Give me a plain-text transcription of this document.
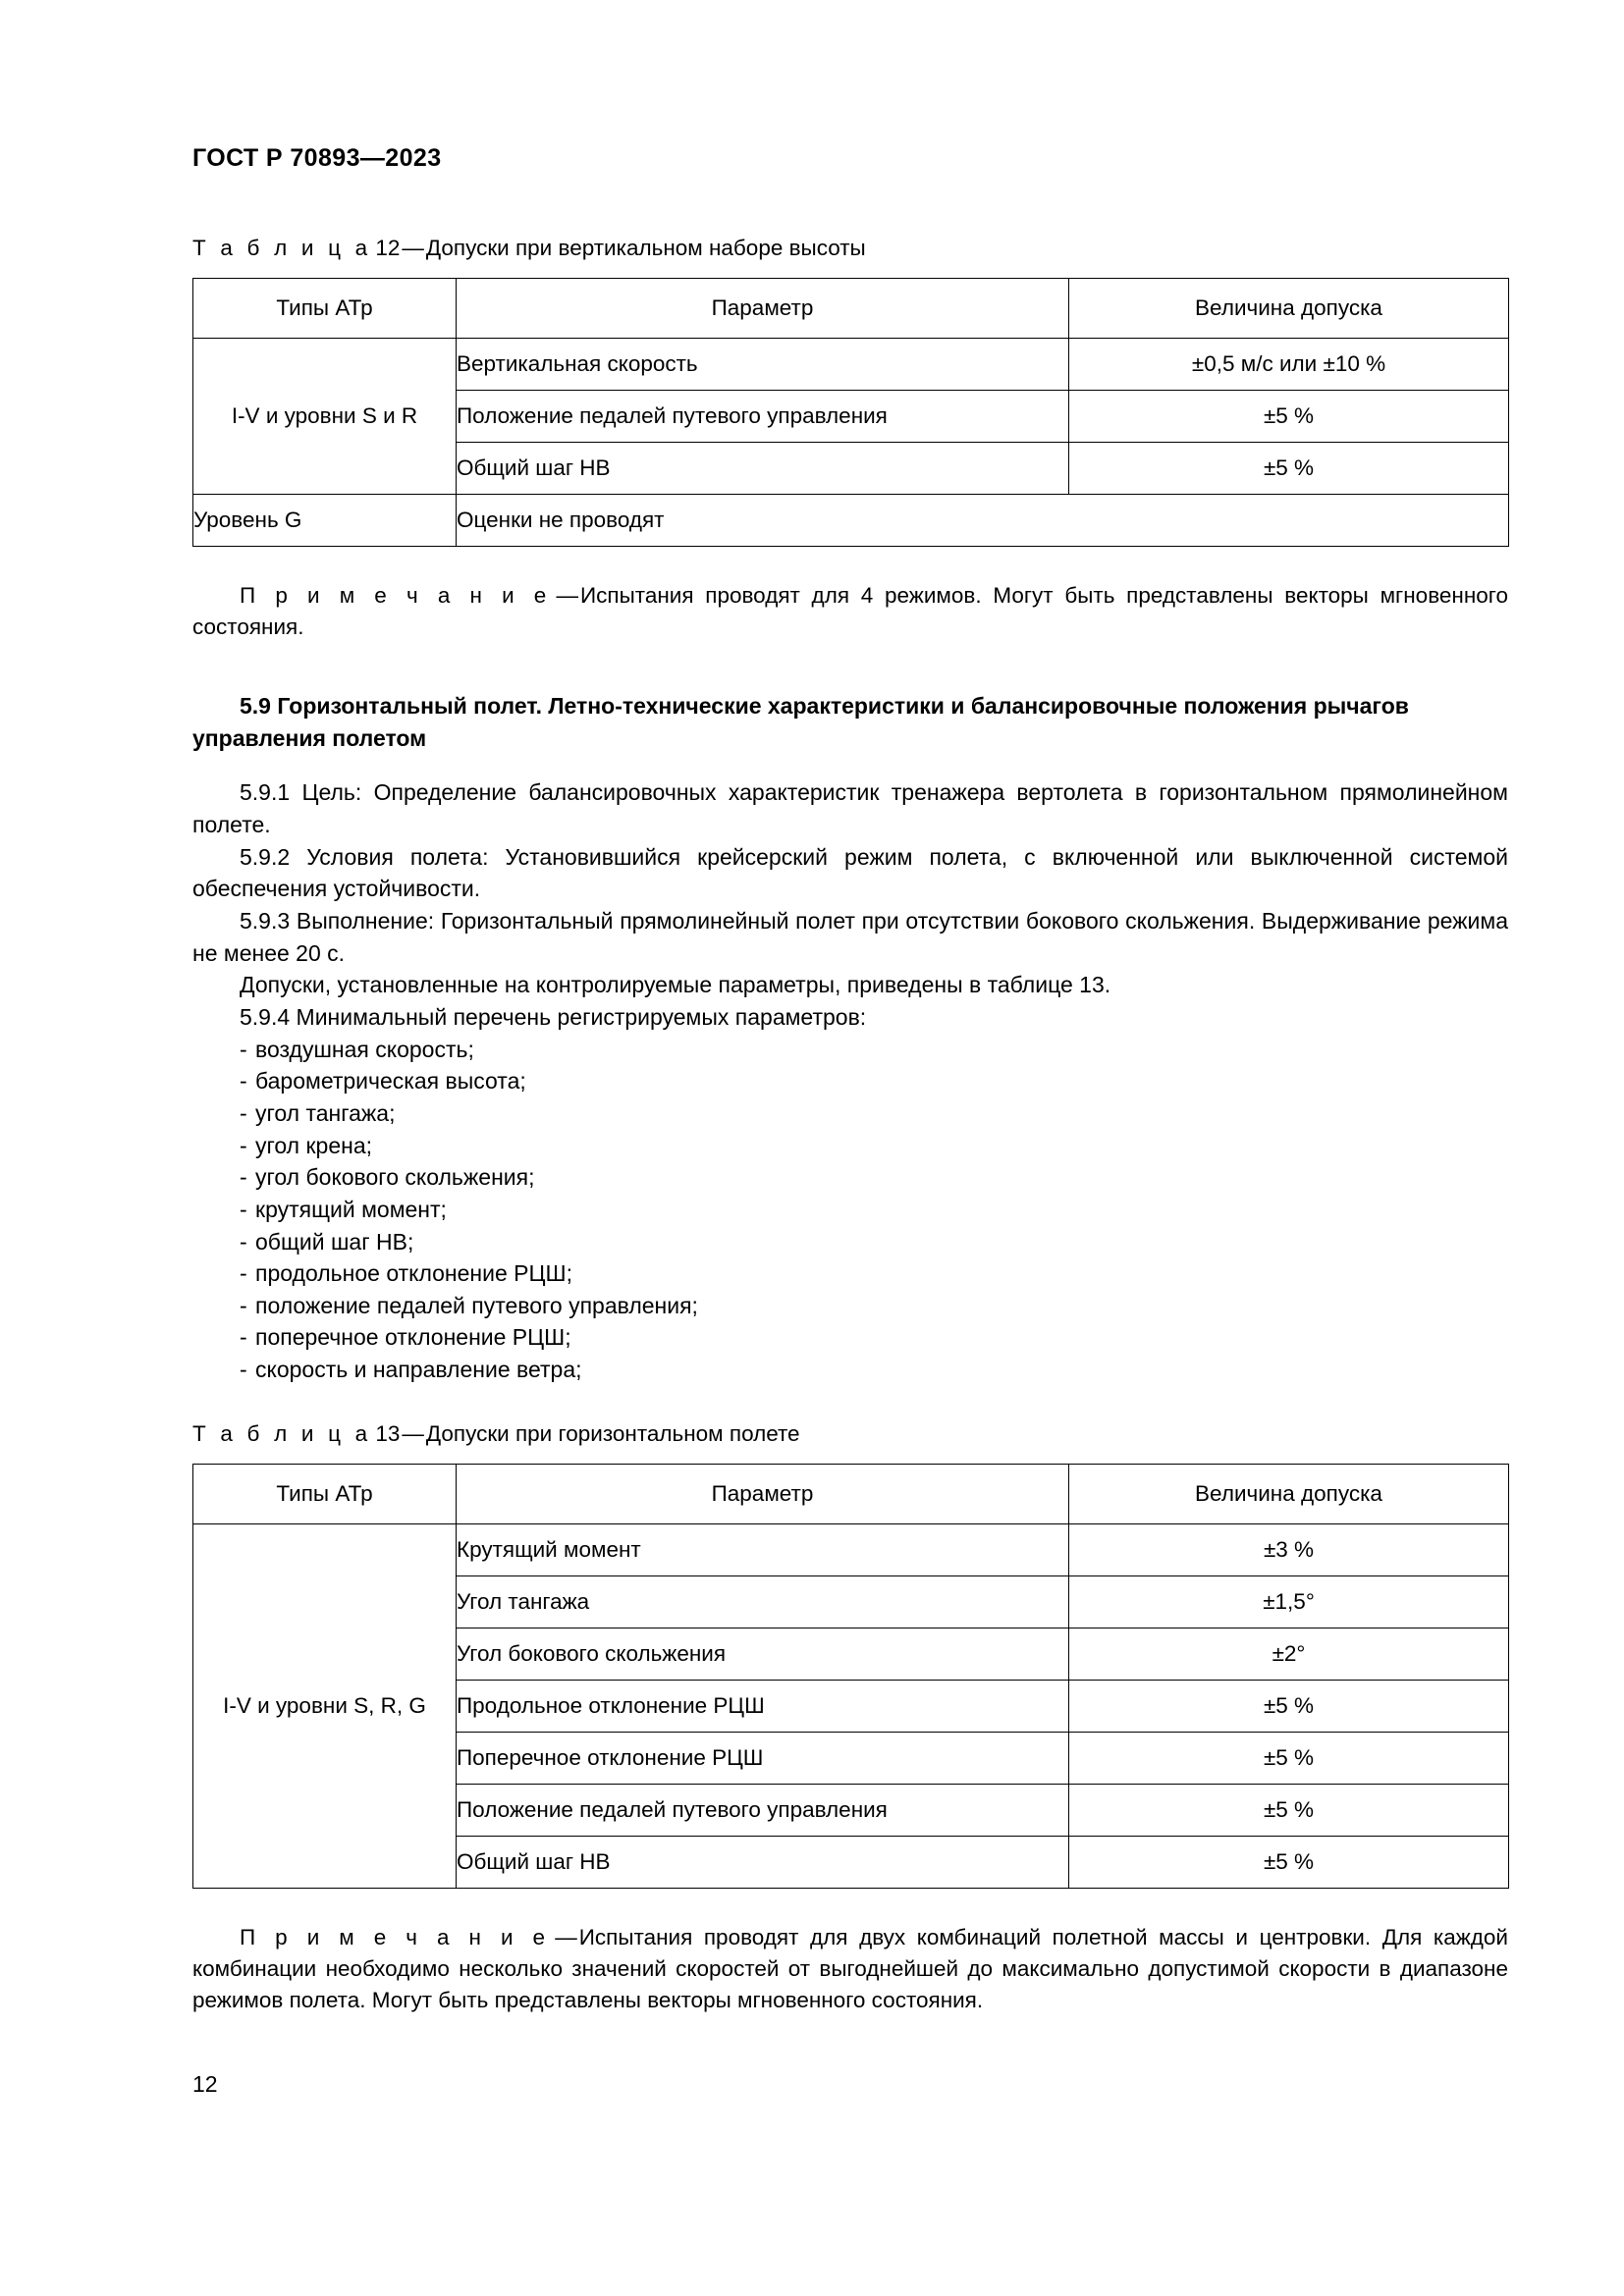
ГОСТ Р 70893—2023
Т а б л и ц а 12—Допуски при вертикальном наборе высоты
Типы АТр	Параметр	Величина допуска
I-V и уровни S и R	Вертикальная скорость	±0,5 м/с или ±10 %
	Положение педалей путевого управления	±5 %
	Общий шаг НВ	±5 %
Уровень G	Оценки не проводят	

П р и м е ч а н и е —Испытания проводят для 4 режимов. Могут быть представлены векторы мгновенного состояния.

5.9 Горизонтальный полет. Летно-технические характеристики и балансировочные положения рычагов управления полетом

5.9.1 Цель: Определение балансировочных характеристик тренажера вертолета в горизонтальном прямолинейном полете.

5.9.2 Условия полета: Установившийся крейсерский режим полета, с включенной или выключенной системой обеспечения устойчивости.

5.9.3 Выполнение: Горизонтальный прямолинейный полет при отсутствии бокового скольжения. Выдерживание режима не менее 20 с.

Допуски, установленные на контролируемые параметры, приведены в таблице 13.

5.9.4 Минимальный перечень регистрируемых параметров:

- воздушная скорость;
- барометрическая высота;
- угол тангажа;
- угол крена;
- угол бокового скольжения;
- крутящий момент;
- общий шаг НВ;
- продольное отклонение РЦШ;
- положение педалей путевого управления;
- поперечное отклонение РЦШ;
- скорость и направление ветра;
Т а б л и ц а 13—Допуски при горизонтальном полете
Типы АТр	Параметр	Величина допуска
I-V и уровни S, R, G	Крутящий момент	±3 %
	Угол тангажа	±1,5°
	Угол бокового скольжения	±2°
	Продольное отклонение РЦШ	±5 %
	Поперечное отклонение РЦШ	±5 %
	Положение педалей путевого управления	±5 %
	Общий шаг НВ	±5 %

П р и м е ч а н и е —Испытания проводят для двух комбинаций полетной массы и центровки. Для каждой комбинации необходимо несколько значений скоростей от выгоднейшей до максимально допустимой скорости в диапазоне режимов полета. Могут быть представлены векторы мгновенного состояния.

12
